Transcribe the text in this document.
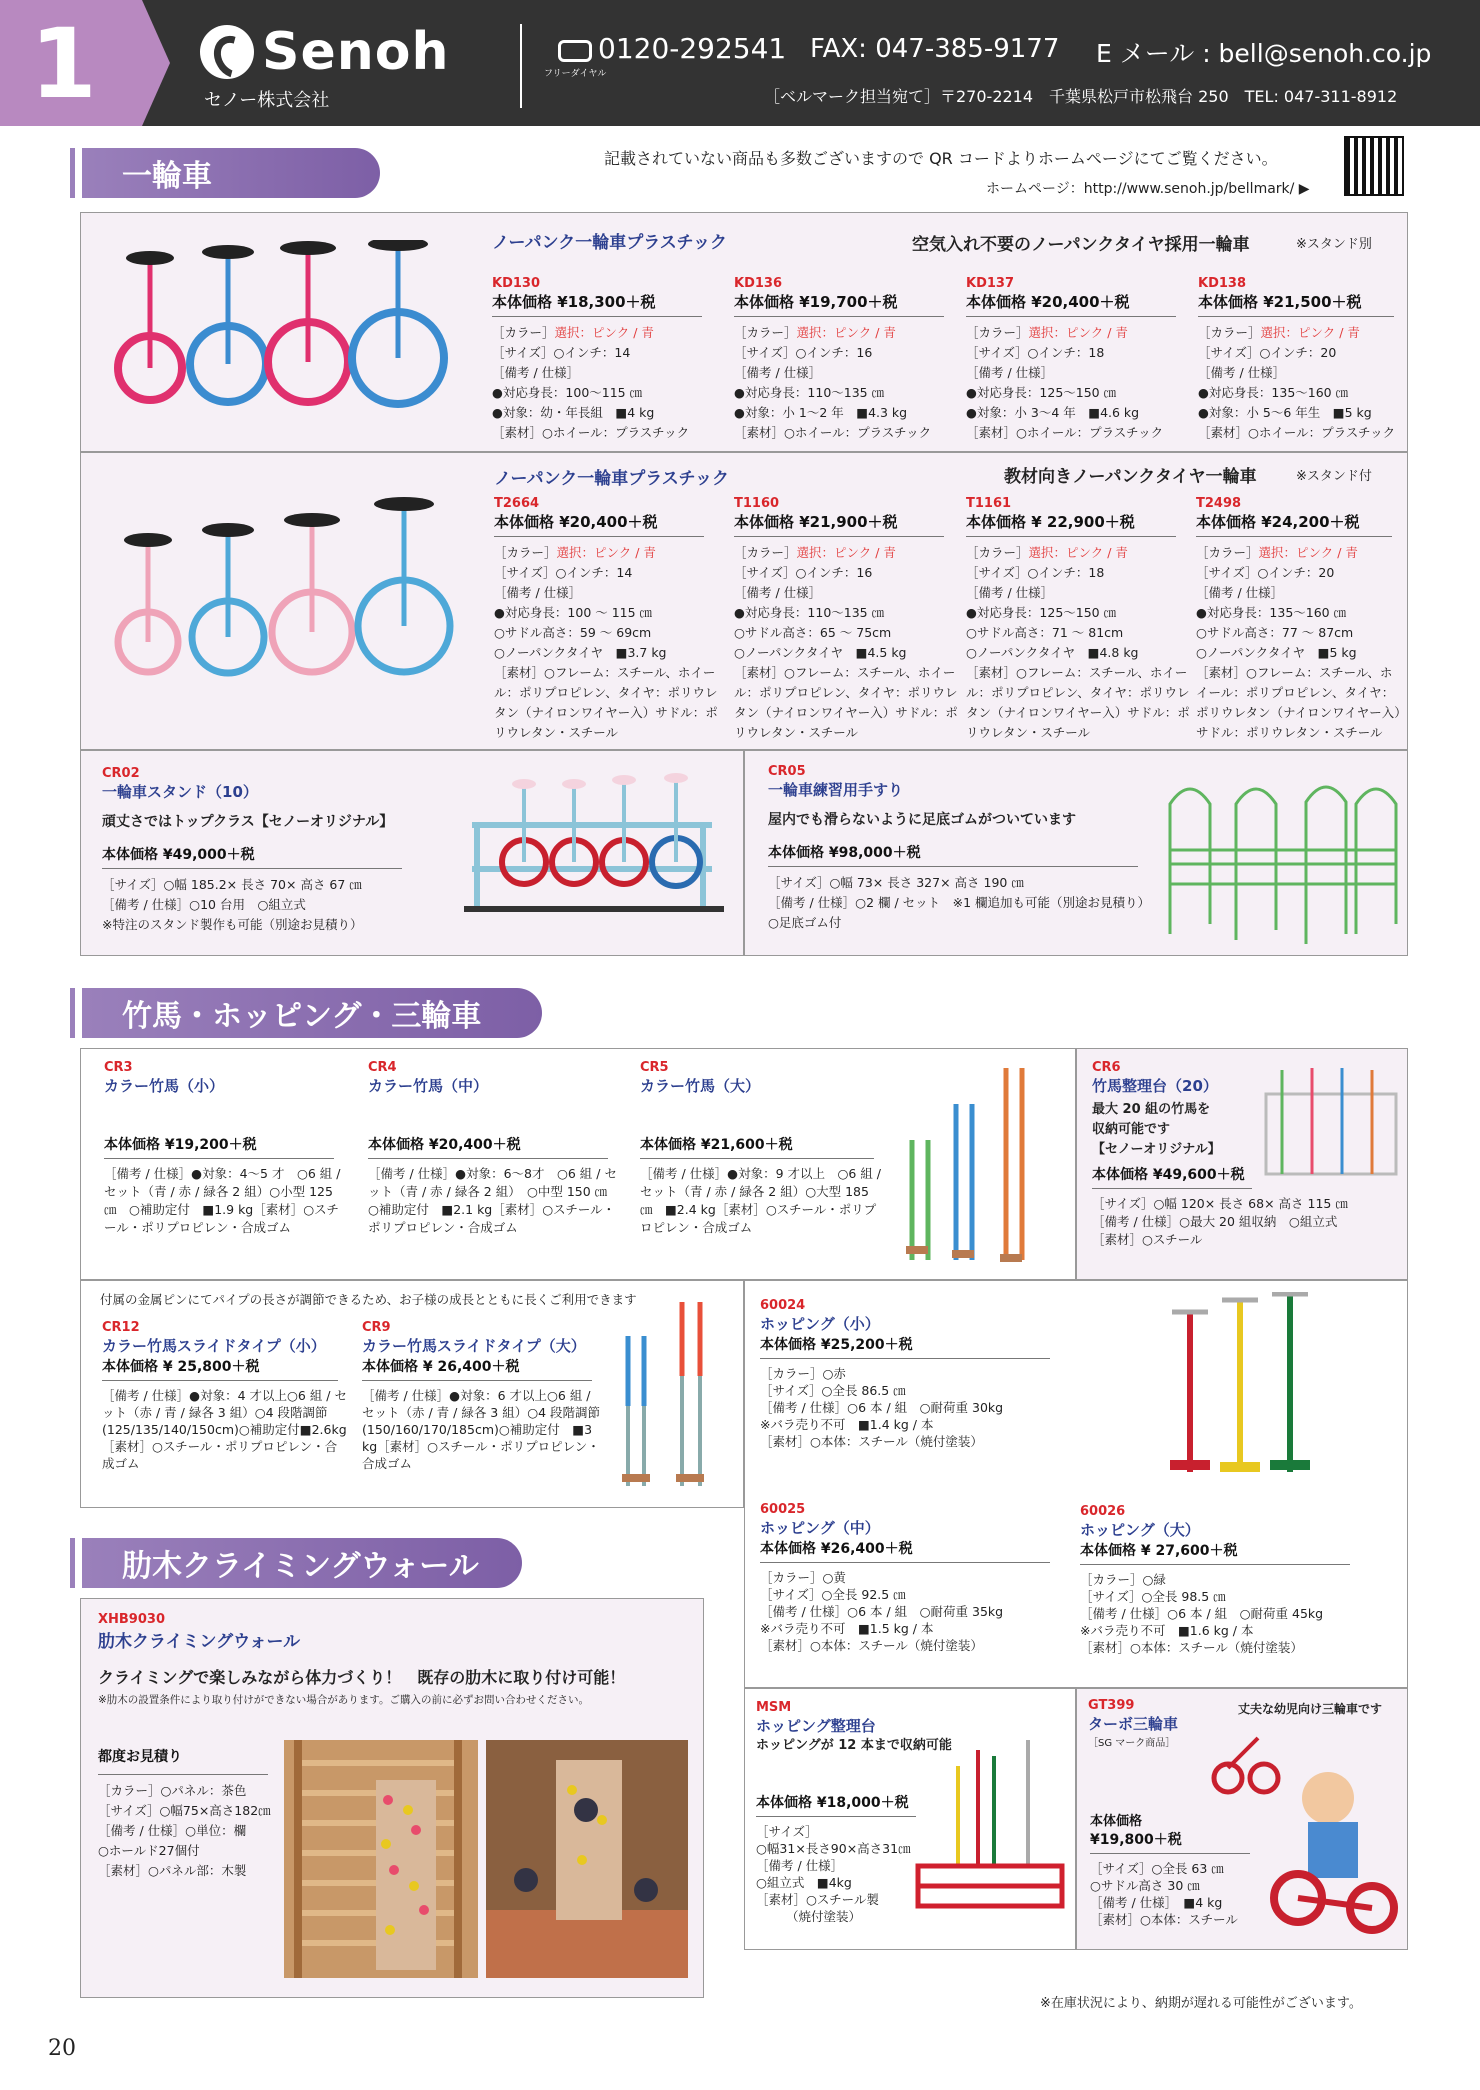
1	Senoh
セノー株式会社
フリーダイヤル
0120-292541 FAX: 047-385-9177 E メール : bell@senoh.co.jp
［ベルマーク担当宛て］〒270-2214　千葉県松戸市松飛台 250　TEL: 047-311-8912
一輪車
記載されていない商品も多数ございますので QR コードよりホームページにてご覧ください。
ホームページ：http://www.senoh.jp/bellmark/ ▶
ノーパンク一輪車プラスチック	空気入れ不要のノーパンクタイヤ採用一輪車	※スタンド別
KD130
本体価格 ¥18,300＋税

［カラー］選択：ピンク / 青

［サイズ］○インチ：14

［備考 / 仕様］

●対応身長：100～115 ㎝

●対象：幼・年長組　■4 kg

［素材］○ホイール：プラスチック

KD136
本体価格 ¥19,700＋税

［カラー］選択：ピンク / 青

［サイズ］○インチ：16

［備考 / 仕様］

●対応身長：110～135 ㎝

●対象：小 1～2 年　■4.3 kg

［素材］○ホイール：プラスチック

KD137
本体価格 ¥20,400＋税

［カラー］選択：ピンク / 青

［サイズ］○インチ：18

［備考 / 仕様］

●対応身長：125～150 ㎝

●対象：小 3～4 年　■4.6 kg

［素材］○ホイール：プラスチック

KD138
本体価格 ¥21,500＋税

［カラー］選択：ピンク / 青

［サイズ］○インチ：20

［備考 / 仕様］

●対応身長：135～160 ㎝

●対象：小 5～6 年生　■5 kg

［素材］○ホイール：プラスチック

ノーパンク一輪車プラスチック	教材向きノーパンクタイヤ一輪車	※スタンド付
T2664
本体価格 ¥20,400＋税

［カラー］選択：ピンク / 青

［サイズ］○インチ：14

［備考 / 仕様］

●対応身長：100 ～ 115 ㎝

○サドル高さ：59 ～ 69cm

○ノーパンクタイヤ　■3.7 kg

［素材］○フレーム：スチール、ホイール：ポリプロピレン、タイヤ：ポリウレタン（ナイロンワイヤー入）サドル：ポリウレタン・スチール

T1160
本体価格 ¥21,900＋税

［カラー］選択：ピンク / 青

［サイズ］○インチ：16

［備考 / 仕様］

●対応身長：110～135 ㎝

○サドル高さ：65 ～ 75cm

○ノーパンクタイヤ　■4.5 kg

［素材］○フレーム：スチール、ホイール：ポリプロピレン、タイヤ：ポリウレタン（ナイロンワイヤー入）サドル：ポリウレタン・スチール

T1161
本体価格 ¥ 22,900＋税

［カラー］選択：ピンク / 青

［サイズ］○インチ：18

［備考 / 仕様］

●対応身長：125～150 ㎝

○サドル高さ：71 ～ 81cm

○ノーパンクタイヤ　■4.8 kg

［素材］○フレーム：スチール、ホイール：ポリプロピレン、タイヤ：ポリウレタン（ナイロンワイヤー入）サドル：ポリウレタン・スチール

T2498
本体価格 ¥24,200＋税

［カラー］選択：ピンク / 青

［サイズ］○インチ：20

［備考 / 仕様］

●対応身長：135～160 ㎝

○サドル高さ：77 ～ 87cm

○ノーパンクタイヤ　■5 kg

［素材］○フレーム：スチール、ホイール：ポリプロピレン、タイヤ：ポリウレタン（ナイロンワイヤー入）サドル：ポリウレタン・スチール

CR02
一輪車スタンド（10）
頑丈さではトップクラス【セノーオリジナル】
本体価格 ¥49,000＋税

［サイズ］○幅 185.2× 長さ 70× 高さ 67 ㎝

［備考 / 仕様］○10 台用　○組立式

※特注のスタンド製作も可能（別途お見積り）

CR05
一輪車練習用手すり
屋内でも滑らないように足底ゴムがついています
本体価格 ¥98,000＋税

［サイズ］○幅 73× 長さ 327× 高さ 190 ㎝

［備考 / 仕様］○2 欄 / セット　※1 欄追加も可能（別途お見積り）

○足底ゴム付

竹馬・ホッピング・三輪車
CR3
カラー竹馬（小）
本体価格 ¥19,200＋税
［備考 / 仕様］●対象：4～5 才　○6 組 / セット（青 / 赤 / 緑各 2 組）○小型 125 ㎝　○補助定付　■1.9 kg［素材］○スチール・ポリプロピレン・合成ゴム
CR4
カラー竹馬（中）
本体価格 ¥20,400＋税
［備考 / 仕様］●対象：6～8才　○6 組 / セット（青 / 赤 / 緑各 2 組）　○中型 150 ㎝○補助定付　■2.1 kg［素材］○スチール・ポリプロピレン・合成ゴム
CR5
カラー竹馬（大）
本体価格 ¥21,600＋税
［備考 / 仕様］●対象：9 才以上　○6 組 / セット（青 / 赤 / 緑各 2 組）○大型 185 ㎝　■2.4 kg［素材］○スチール・ポリプロピレン・合成ゴム
CR6
竹馬整理台（20）
最大 20 組の竹馬を
収納可能です
【セノーオリジナル】
本体価格 ¥49,600＋税

［サイズ］○幅 120× 長さ 68× 高さ 115 ㎝

［備考 / 仕様］○最大 20 組収納　○組立式

［素材］○スチール

付属の金属ピンにてパイプの長さが調節できるため、お子様の成長とともに長くご利用できます
CR12
カラー竹馬スライドタイプ（小）
本体価格 ¥ 25,800＋税
［備考 / 仕様］●対象：4 才以上○6 組 / セット（赤 / 青 / 緑各 3 組）○4 段階調節(125/135/140/150cm)○補助定付■2.6kg［素材］○スチール・ポリプロピレン・合成ゴム
CR9
カラー竹馬スライドタイプ（大）
本体価格 ¥ 26,400＋税
［備考 / 仕様］●対象：6 才以上○6 組 / セット（赤 / 青 / 緑各 3 組）○4 段階調節(150/160/170/185cm)○補助定付　■3 kg［素材］○スチール・ポリプロピレン・合成ゴム
60024
ホッピング（小）
本体価格 ¥25,200＋税

［カラー］○赤

［サイズ］○全長 86.5 ㎝

［備考 / 仕様］○6 本 / 組　○耐荷重 30kg

※バラ売り不可　■1.4 kg / 本

［素材］○本体：スチール（焼付塗装）

60025
ホッピング（中）
本体価格 ¥26,400＋税

［カラー］○黄

［サイズ］○全長 92.5 ㎝

［備考 / 仕様］○6 本 / 組　○耐荷重 35kg

※バラ売り不可　■1.5 kg / 本

［素材］○本体：スチール（焼付塗装）

60026
ホッピング（大）
本体価格 ¥ 27,600＋税

［カラー］○緑

［サイズ］○全長 98.5 ㎝

［備考 / 仕様］○6 本 / 組　○耐荷重 45kg

※バラ売り不可　■1.6 kg / 本

［素材］○本体：スチール（焼付塗装）

肋木クライミングウォール
XHB9030
肋木クライミングウォール
クライミングで楽しみながら体力づくり！　既存の肋木に取り付け可能！
※肋木の設置条件により取り付けができない場合があります。ご購入の前に必ずお問い合わせください。
都度お見積り

［カラー］○パネル：茶色

［サイズ］○幅75×高さ182㎝

［備考 / 仕様］○単位：欄

○ホールド27個付

［素材］○パネル部：木製

MSM
ホッピング整理台
ホッピングが 12 本まで収納可能
本体価格 ¥18,000＋税

［サイズ］

○幅31×長さ90×高さ31㎝

［備考 / 仕様］

○組立式　■4kg

［素材］○スチール製

（焼付塗装）

GT399
ターボ三輪車
［SG マーク商品］
丈夫な幼児向け三輪車です
本体価格
¥19,800＋税

［サイズ］○全長 63 ㎝

○サドル高さ 30 ㎝

［備考 / 仕様］　■4 kg

［素材］○本体：スチール

※在庫状況により、納期が遅れる可能性がございます。
20
